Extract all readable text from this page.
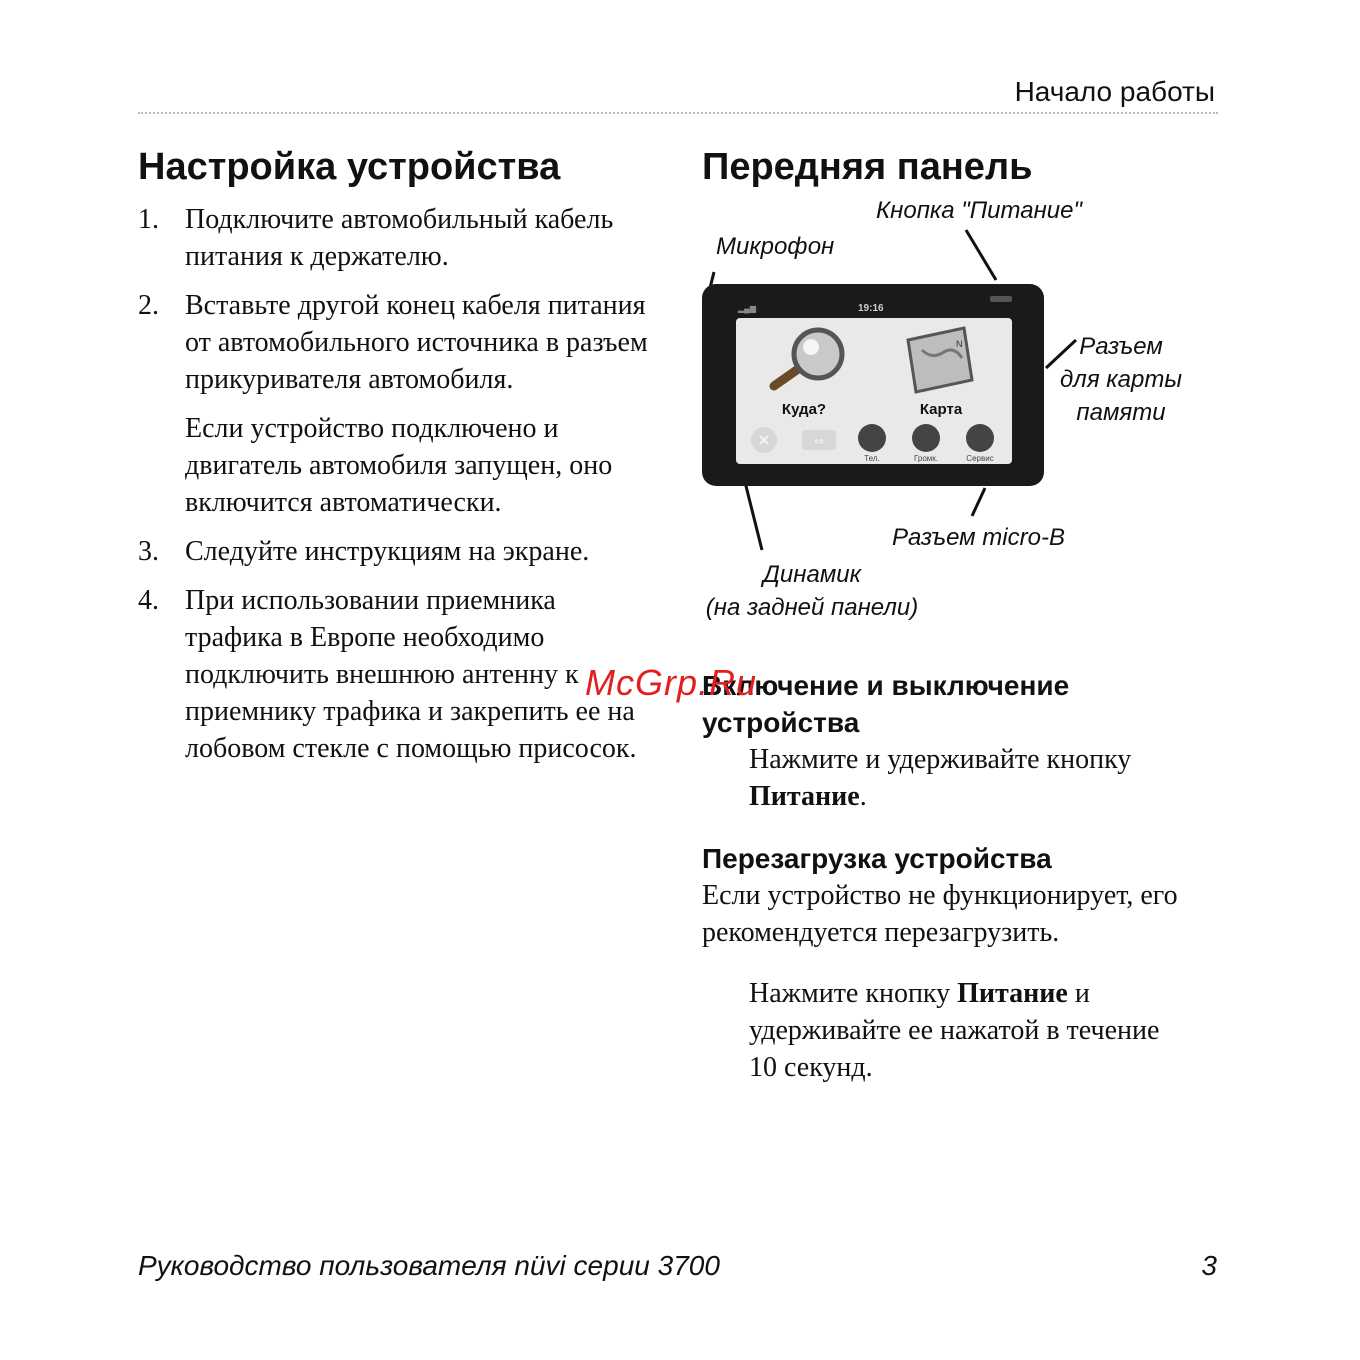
Начало работы
Настройка устройства
1. Подключите автомобильный кабель питания к держателю.
2. Вставьте другой конец кабеля питания от автомобильного источника в разъем прикуривателя автомобиля.
Если устройство подключено и двигатель автомобиля запущен, оно включится автоматически.
3. Следуйте инструкциям на экране.
4. При использовании приемника трафика в Европе необходимо подключить внешнюю антенну к приемнику трафика и закрепить ее на лобовом стекле с помощью присосок.
Передняя панель
▂▄▆	19:16
Куда?
N
Карта
✕	⇔
Тел.	Громк.	Сервис
Кнопка "Питание"
Микрофон
Разъем
для карты
памяти
Разъем micro-B
Динамик
(на задней панели)
Включение и выключение
устройства
Нажмите и удерживайте кнопку
Питание.
Перезагрузка устройства
Если устройство не функционирует, его рекомендуется перезагрузить.
Нажмите кнопку Питание и удерживайте ее нажатой в течение 10 секунд.
McGrp.Ru
Руководство пользователя nüvi серии 3700	3
